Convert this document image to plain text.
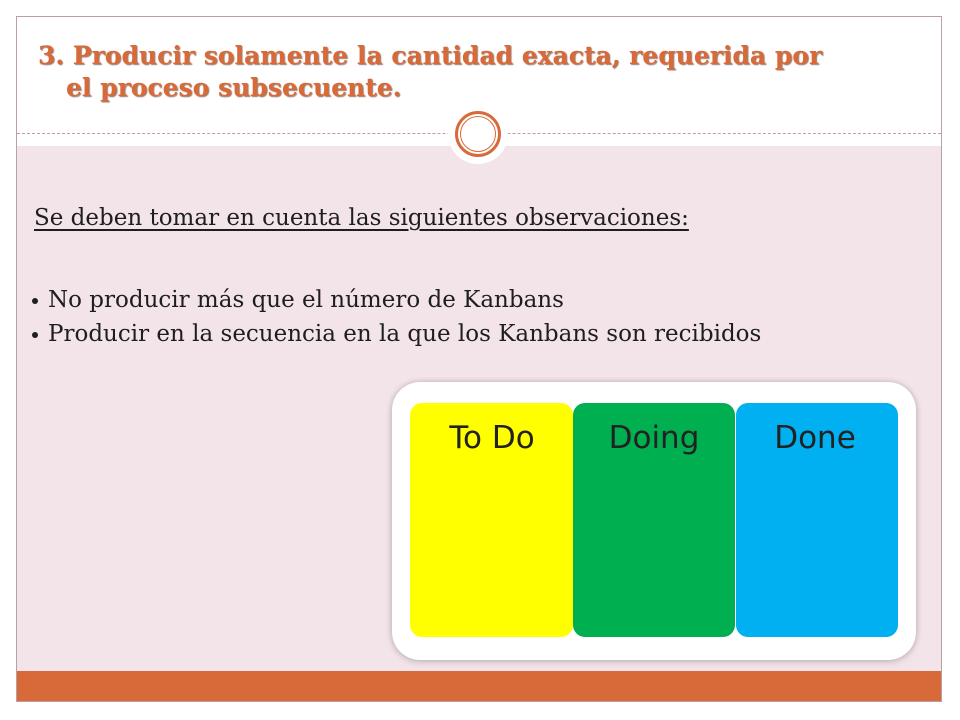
3. Producir solamente la cantidad exacta, requerida por
el proceso subsecuente.

Se deben tomar en cuenta las siguientes observaciones:

No producir más que el número de Kanbans
Producir en la secuencia en la que los Kanbans son recibidos
To Do	Doing	Done
